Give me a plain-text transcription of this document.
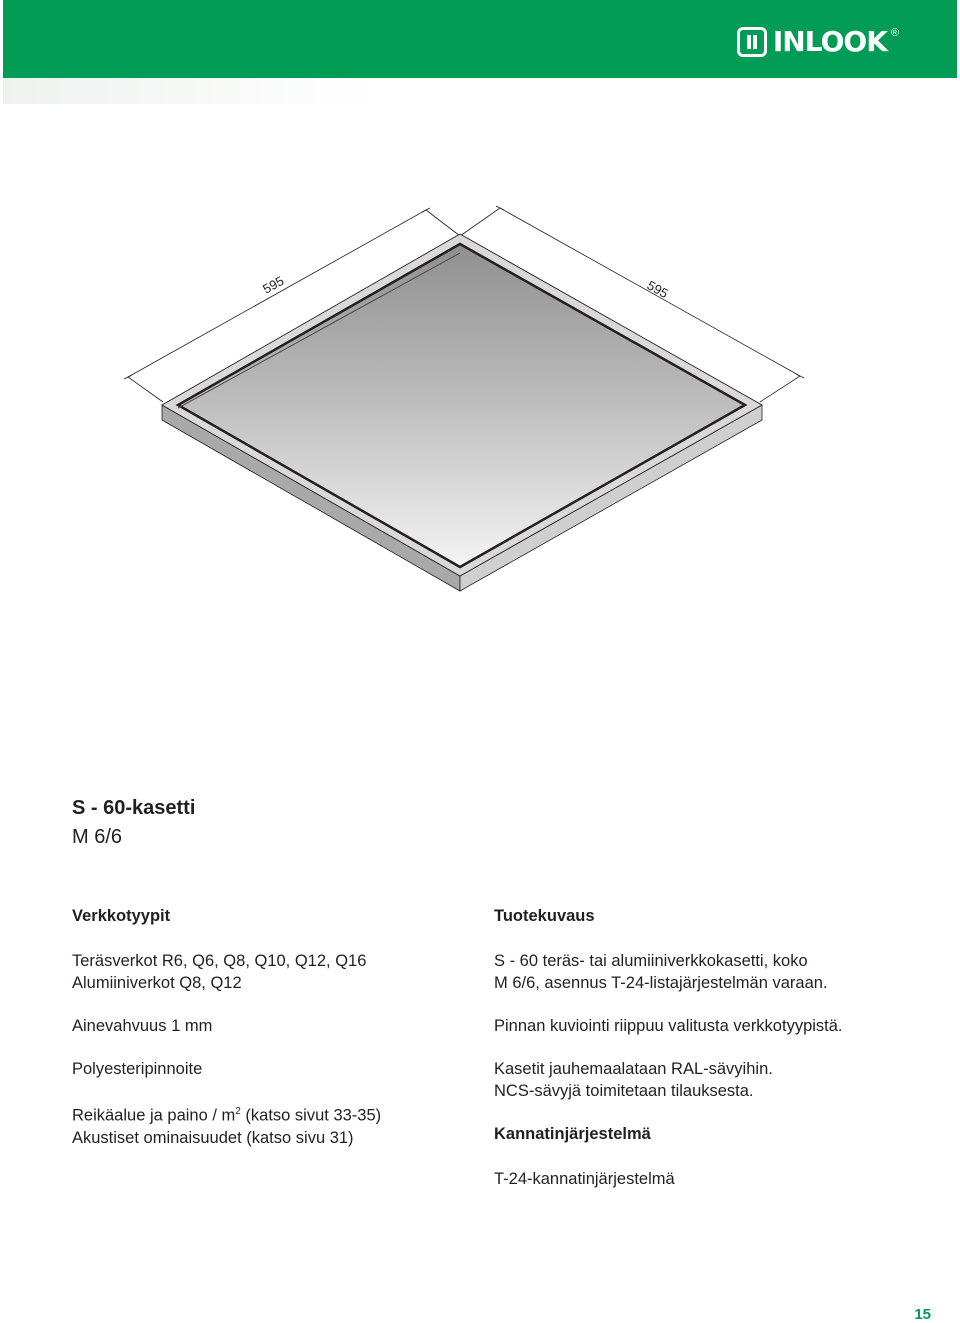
INLOOK ®
595	595
S - 60-kasetti
M 6/6
Verkkotyypit

Teräsverkot R6, Q6, Q8, Q10, Q12, Q16

Alumiiniverkot Q8, Q12

Ainevahvuus 1 mm

Polyesteripinnoite

Reikäalue ja paino / $m^2$ (katso sivut 33-35)

Akustiset ominaisuudet (katso sivu 31)

Tuotekuvaus

S - 60 teräs- tai alumiiniverkkokasetti, koko

M 6/6, asennus T-24-listajärjestelmän varaan.

Pinnan kuviointi riippuu valitusta verkkotyypistä.

Kasetit jauhemaalataan RAL-sävyihin.

NCS-sävyjä toimitetaan tilauksesta.

Kannatinjärjestelmä

T-24-kannatinjärjestelmä

15
